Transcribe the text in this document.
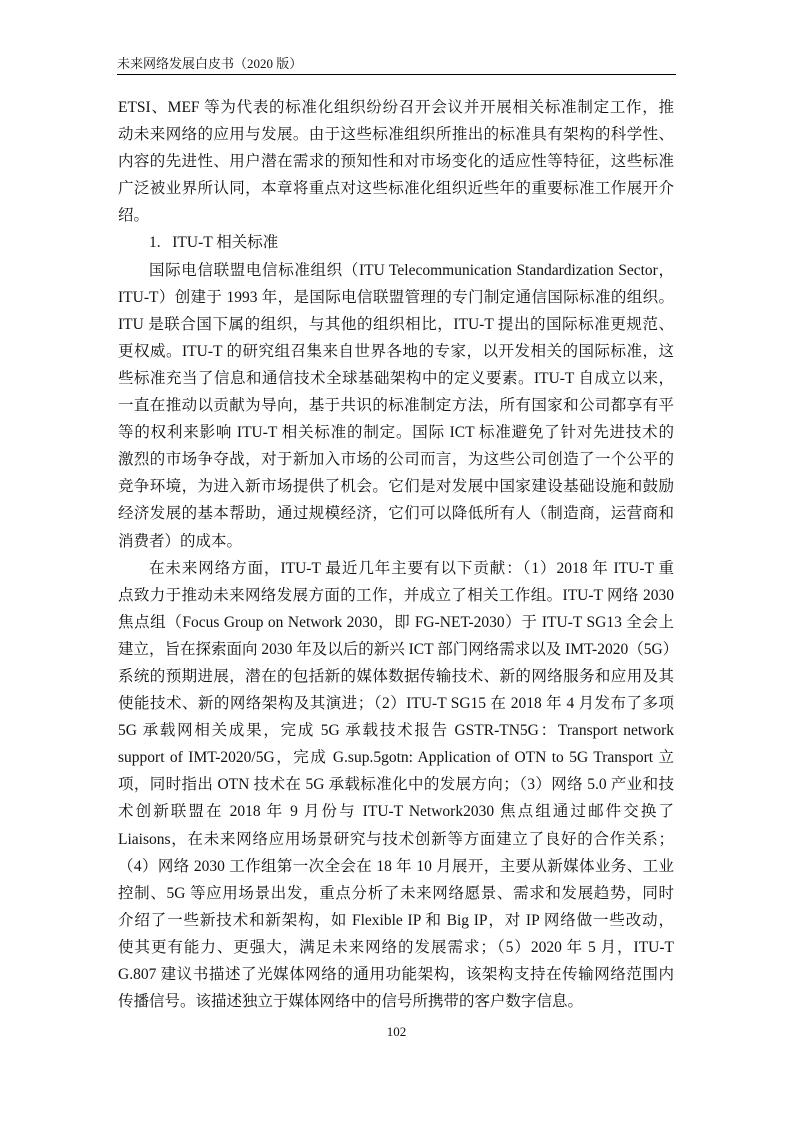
未来网络发展白皮书（2020 版）
ETSI、MEF 等为代表的标准化组织纷纷召开会议并开展相关标准制定工作，推
动未来网络的应用与发展。由于这些标准组织所推出的标准具有架构的科学性、
内容的先进性、用户潜在需求的预知性和对市场变化的适应性等特征，这些标准
广泛被业界所认同，本章将重点对这些标准化组织近些年的重要标准工作展开介
绍。
1.   ITU-T 相关标准
国际电信联盟电信标准组织（ITU Telecommunication Standardization Sector，
ITU-T）创建于 1993 年，是国际电信联盟管理的专门制定通信国际标准的组织。
ITU 是联合国下属的组织，与其他的组织相比，ITU-T 提出的国际标准更规范、
更权威。ITU-T 的研究组召集来自世界各地的专家，以开发相关的国际标准，这
些标准充当了信息和通信技术全球基础架构中的定义要素。ITU-T 自成立以来，
一直在推动以贡献为导向，基于共识的标准制定方法，所有国家和公司都享有平
等的权利来影响 ITU-T 相关标准的制定。国际 ICT 标准避免了针对先进技术的
激烈的市场争夺战，对于新加入市场的公司而言，为这些公司创造了一个公平的
竞争环境，为进入新市场提供了机会。它们是对发展中国家建设基础设施和鼓励
经济发展的基本帮助，通过规模经济，它们可以降低所有人（制造商，运营商和
消费者）的成本。
在未来网络方面，ITU-T 最近几年主要有以下贡献：（1）2018 年 ITU-T 重
点致力于推动未来网络发展方面的工作，并成立了相关工作组。ITU-T 网络 2030
焦点组（Focus Group on Network 2030，即 FG-NET-2030）于 ITU-T SG13 全会上
建立，旨在探索面向 2030 年及以后的新兴 ICT 部门网络需求以及 IMT-2020（5G）
系统的预期进展，潜在的包括新的媒体数据传输技术、新的网络服务和应用及其
使能技术、新的网络架构及其演进；（2）ITU-T SG15 在 2018 年 4 月发布了多项
5G 承载网相关成果，完成 5G 承载技术报告 GSTR-TN5G：Transport network
support of IMT-2020/5G，完成 G.sup.5gotn: Application of OTN to 5G Transport 立
项，同时指出 OTN 技术在 5G 承载标准化中的发展方向；（3）网络 5.0 产业和技
术创新联盟在 2018 年 9 月份与 ITU-T Network2030 焦点组通过邮件交换了
Liaisons，在未来网络应用场景研究与技术创新等方面建立了良好的合作关系；
（4）网络 2030 工作组第一次全会在 18 年 10 月展开，主要从新媒体业务、工业
控制、5G 等应用场景出发，重点分析了未来网络愿景、需求和发展趋势，同时
介绍了一些新技术和新架构，如 Flexible IP 和 Big IP，对 IP 网络做一些改动，
使其更有能力、更强大，满足未来网络的发展需求；（5）2020 年 5 月，ITU-T
G.807 建议书描述了光媒体网络的通用功能架构，该架构支持在传输网络范围内
传播信号。该描述独立于媒体网络中的信号所携带的客户数字信息。
102
